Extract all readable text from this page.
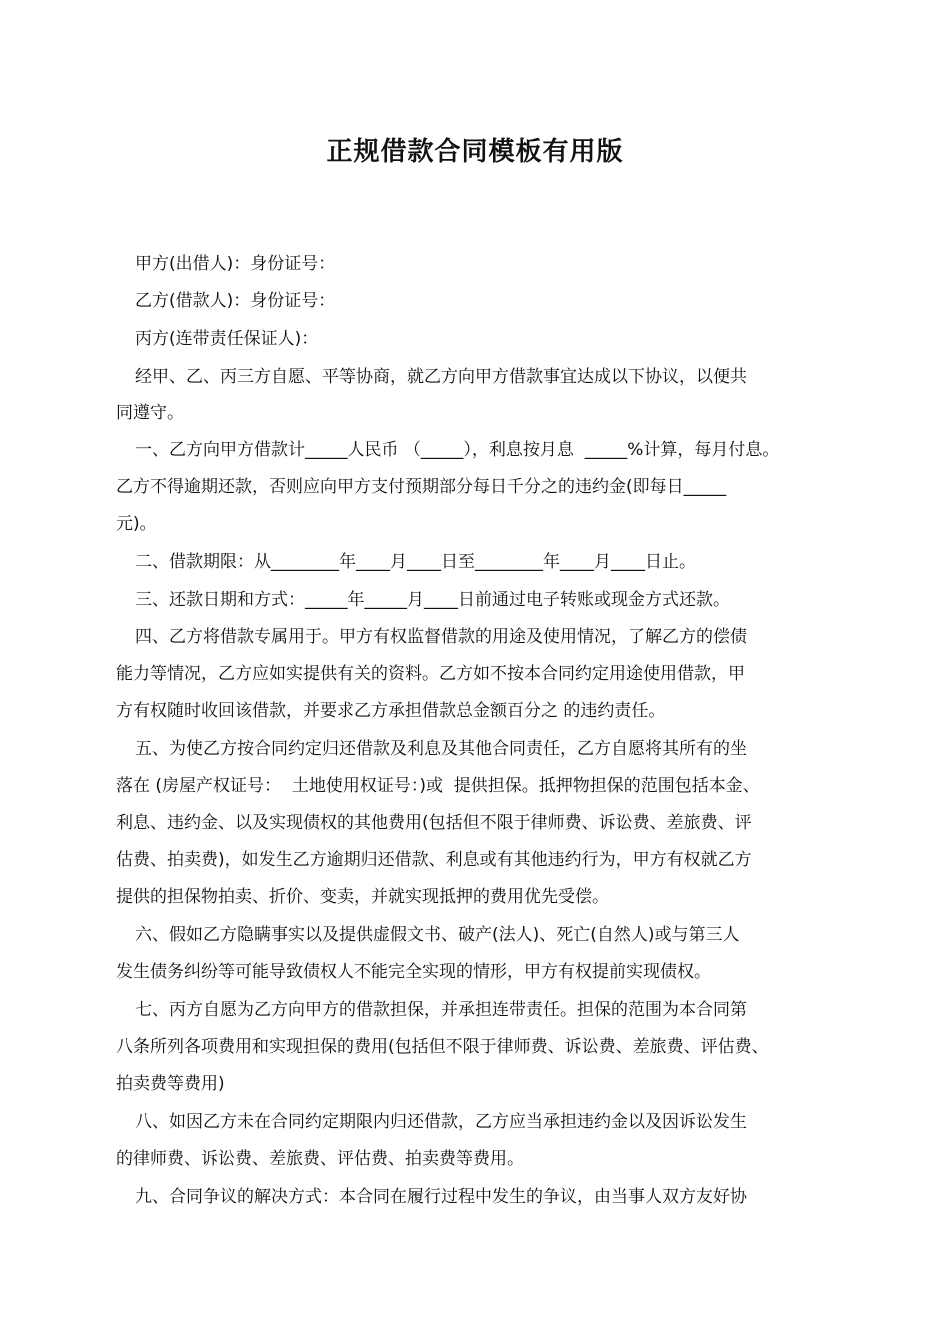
正规借款合同模板有用版

甲方(出借人)：身份证号：

乙方(借款人)：身份证号：

丙方(连带责任保证人)：

经甲、乙、丙三方自愿、平等协商，就乙方向甲方借款事宜达成以下协议，以便共

同遵守。

一、乙方向甲方借款计_____人民币 （_____），利息按月息  _____%计算，每月付息。

乙方不得逾期还款，否则应向甲方支付预期部分每日千分之的违约金(即每日_____

元)。

二、借款期限：从________年____月____日至________年____月____日止。

三、还款日期和方式：_____年_____月____日前通过电子转账或现金方式还款。

四、乙方将借款专属用于。甲方有权监督借款的用途及使用情况，了解乙方的偿债

能力等情况，乙方应如实提供有关的资料。乙方如不按本合同约定用途使用借款，甲

方有权随时收回该借款，并要求乙方承担借款总金额百分之 的违约责任。

五、为使乙方按合同约定归还借款及利息及其他合同责任，乙方自愿将其所有的坐

落在 (房屋产权证号：  土地使用权证号：)或  提供担保。抵押物担保的范围包括本金、

利息、违约金、以及实现债权的其他费用(包括但不限于律师费、诉讼费、差旅费、评

估费、拍卖费)，如发生乙方逾期归还借款、利息或有其他违约行为，甲方有权就乙方

提供的担保物拍卖、折价、变卖，并就实现抵押的费用优先受偿。

六、假如乙方隐瞒事实以及提供虚假文书、破产(法人)、死亡(自然人)或与第三人

发生债务纠纷等可能导致债权人不能完全实现的情形，甲方有权提前实现债权。

七、丙方自愿为乙方向甲方的借款担保，并承担连带责任。担保的范围为本合同第

八条所列各项费用和实现担保的费用(包括但不限于律师费、诉讼费、差旅费、评估费、

拍卖费等费用)

八、如因乙方未在合同约定期限内归还借款，乙方应当承担违约金以及因诉讼发生

的律师费、诉讼费、差旅费、评估费、拍卖费等费用。

九、合同争议的解决方式：本合同在履行过程中发生的争议，由当事人双方友好协
